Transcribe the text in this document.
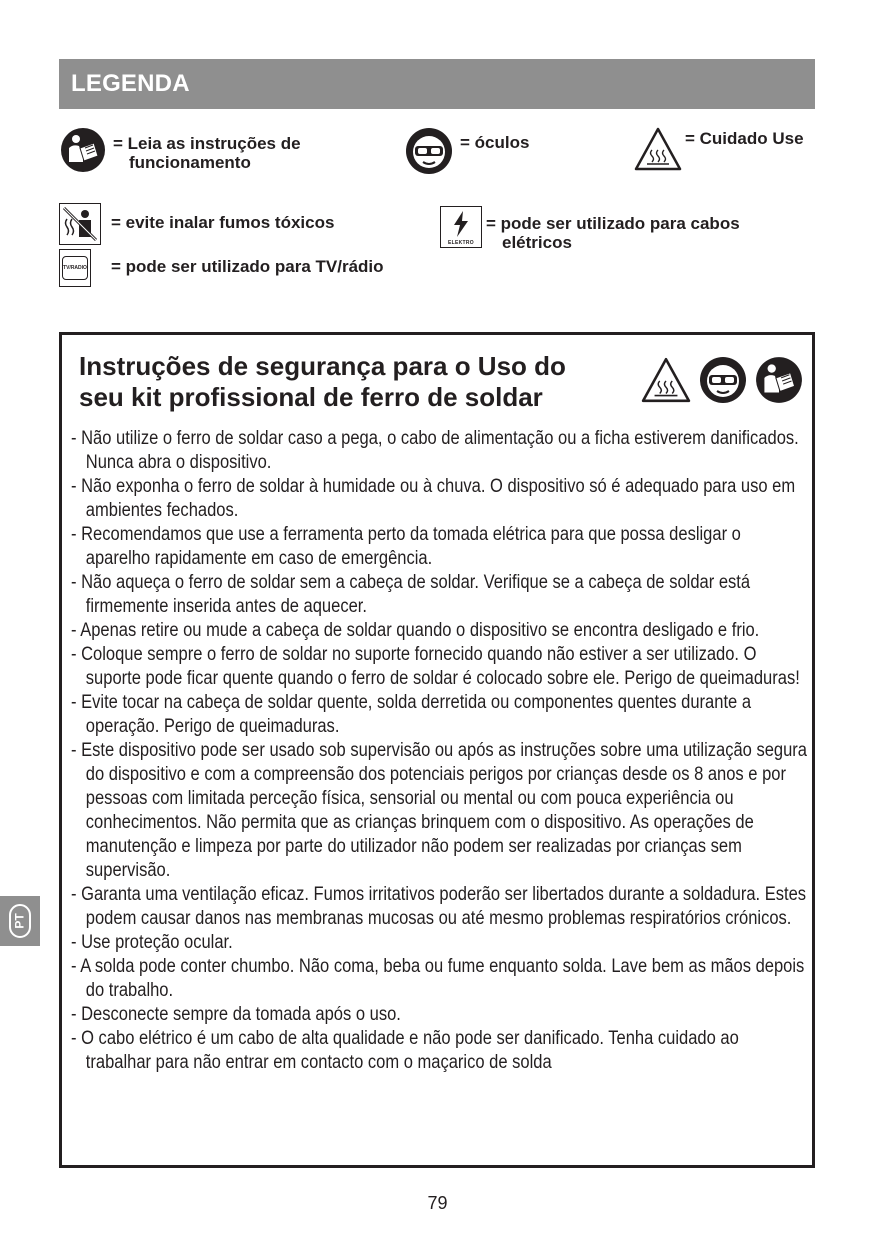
LEGENDA
= Leia as instruções de
funcionamento
= óculos	= Cuidado Use
= evite inalar fumos tóxicos
ELEKTRO
= pode ser utilizado para cabos
elétricos
TV/RADIO = pode ser utilizado para TV/rádio
Instruções de segurança para o Uso do
seu kit profissional de ferro de soldar
- Não utilize o ferro de soldar caso a pega, o cabo de alimentação ou a ficha estiverem danificados. Nunca abra o dispositivo.
- Não exponha o ferro de soldar à humidade ou à chuva. O dispositivo só é adequado para uso em ambientes fechados.
- Recomendamos que use a ferramenta perto da tomada elétrica para que possa desligar o aparelho rapidamente em caso de emergência.
- Não aqueça o ferro de soldar sem a cabeça de soldar. Verifique se a cabeça de soldar está firmemente inserida antes de aquecer.
- Apenas retire ou mude a cabeça de soldar quando o dispositivo se encontra desligado e frio.
- Coloque sempre o ferro de soldar no suporte fornecido quando não estiver a ser utilizado. O suporte pode ficar quente quando o ferro de soldar é colocado sobre ele. Perigo de queimaduras!
- Evite tocar na cabeça de soldar quente, solda derretida ou componentes quentes durante a operação. Perigo de queimaduras.
- Este dispositivo pode ser usado sob supervisão ou após as instruções sobre uma utilização segura do dispositivo e com a compreensão dos potenciais perigos por crianças desde os 8 anos e por pessoas com limitada perceção física, sensorial ou mental ou com pouca experiência ou conhecimentos. Não permita que as crianças brinquem com o dispositivo. As operações de manutenção e limpeza por parte do utilizador não podem ser realizadas por crianças sem supervisão.
- Garanta uma ventilação eficaz. Fumos irritativos poderão ser libertados durante a soldadura. Estes podem causar danos nas membranas mucosas ou até mesmo problemas respiratórios crónicos.
- Use proteção ocular.
- A solda pode conter chumbo. Não coma, beba ou fume enquanto solda. Lave bem as mãos depois do trabalho.
- Desconecte sempre da tomada após o uso.
- O cabo elétrico é um cabo de alta qualidade e não pode ser danificado. Tenha cuidado ao trabalhar para não entrar em contacto com o maçarico de solda
PT
79
